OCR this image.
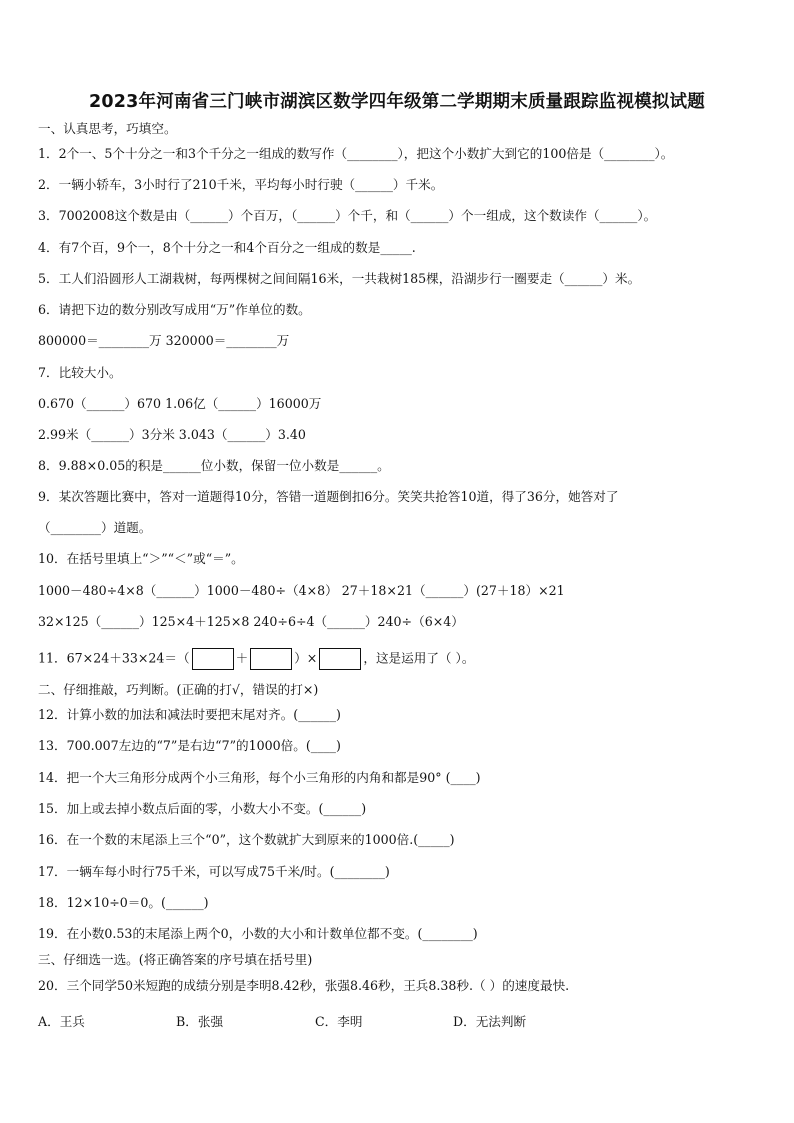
2023年河南省三门峡市湖滨区数学四年级第二学期期末质量跟踪监视模拟试题
一、认真思考，巧填空。
1．2个一、5个十分之一和3个千分之一组成的数写作（________），把这个小数扩大到它的100倍是（________）。
2．一辆小轿车，3小时行了210千米，平均每小时行驶（______）千米。
3．7002008这个数是由（______）个百万，（______）个千，和（______）个一组成，这个数读作（______）。
4．有7个百，9个一，8个十分之一和4个百分之一组成的数是_____.
5．工人们沿圆形人工湖栽树，每两棵树之间间隔16米，一共栽树185棵，沿湖步行一圈要走（______）米。
6．请把下边的数分别改写成用“万”作单位的数。
800000＝________万 320000＝________万
7．比较大小。
0.670（______）670 1.06亿（______）16000万
2.99米（______）3分米 3.043（______）3.40
8．9.88×0.05的积是______位小数，保留一位小数是______。
9．某次答题比赛中，答对一道题得10分，答错一道题倒扣6分。笑笑共抢答10道，得了36分，她答对了
（________）道题。
10．在括号里填上“＞”“＜”或“＝”。
1000－480÷4×8（______）1000－480÷（4×8） 27＋18×21（______）(27＋18）×21
32×125（______）125×4＋125×8 240÷6÷4（______）240÷（6×4）
11．67×24＋33×24＝（	＋	）×	，这是运用了（ ）。
二、仔细推敲，巧判断。(正确的打√，错误的打×)
12．计算小数的加法和减法时要把末尾对齐。(______)
13．700.007左边的“7”是右边“7”的1000倍。(____)
14．把一个大三角形分成两个小三角形，每个小三角形的内角和都是90° (____)
15．加上或去掉小数点后面的零，小数大小不变。(______)
16．在一个数的末尾添上三个“0”，这个数就扩大到原来的1000倍.(_____)
17．一辆车每小时行75千米，可以写成75千米/时。(________)
18．12×10÷0＝0。(______)
19．在小数0.53的末尾添上两个0，小数的大小和计数单位都不变。(________)
三、仔细选一选。(将正确答案的序号填在括号里)
20．三个同学50米短跑的成绩分别是李明8.42秒，张强8.46秒，王兵8.38秒.（ ）的速度最快.
A．王兵	B．张强	C．李明	D．无法判断
